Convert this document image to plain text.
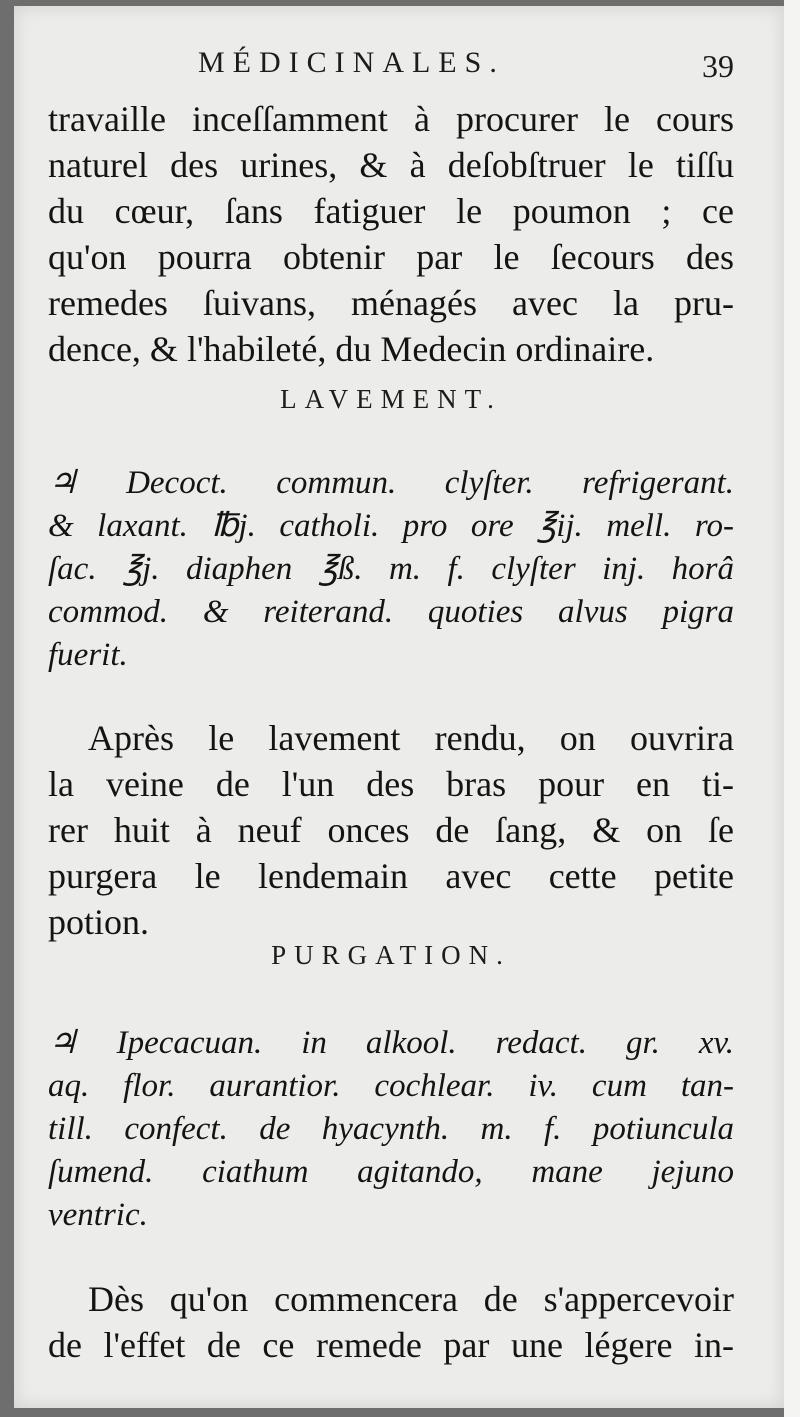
MÉDICINALES.	39

travaille inceſſamment à procurer le cours
naturel des urines, & à deſobſtruer le tiſſu
du cœur, ſans fatiguer le poumon ; ce
qu'on pourra obtenir par le ſecours des
remedes ſuivans, ménagés avec la pru-
dence, & l'habileté, du Medecin ordinaire.

LAVEMENT.

♃ Decoct. commun. clyſter. refrigerant.
& laxant. ℔j. catholi. pro ore ℥ij. mell. ro-
ſac. ℥j. diaphen ℥ß. m. f. clyſter inj. horâ
commod. & reiterand. quoties alvus pigra
fuerit.

Après le lavement rendu, on ouvrira
la veine de l'un des bras pour en ti-
rer huit à neuf onces de ſang, & on ſe
purgera le lendemain avec cette petite
potion.

PURGATION.

♃ Ipecacuan. in alkool. redact. gr. xv.
aq. flor. aurantior. cochlear. iv. cum tan-
till. confect. de hyacynth. m. f. potiuncula
ſumend. ciathum agitando, mane jejuno
ventric.

Dès qu'on commencera de s'appercevoir
de l'effet de ce remede par une légere in-
